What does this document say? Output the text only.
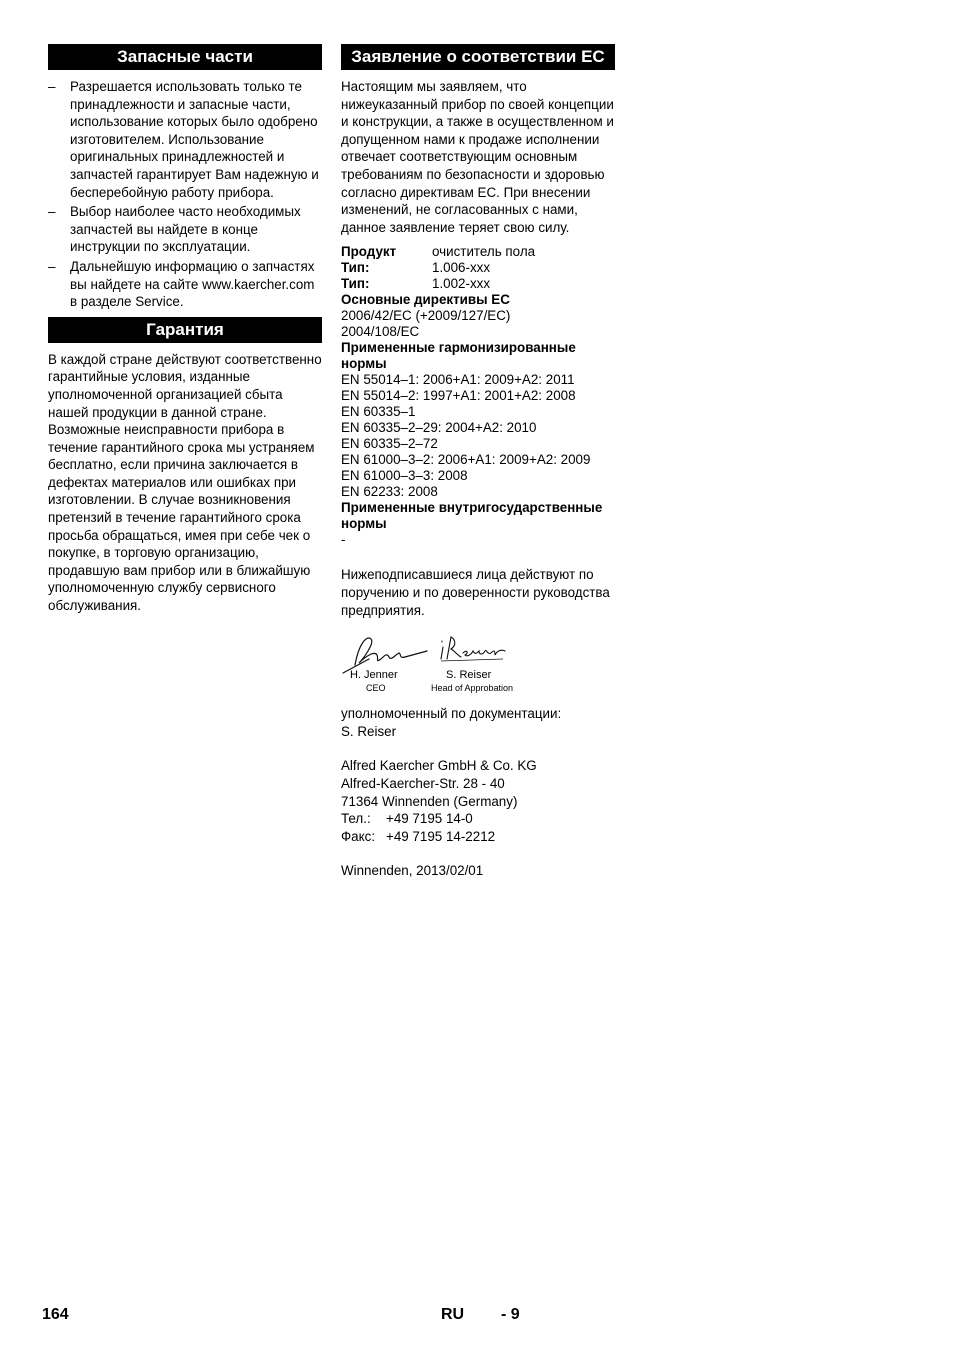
Запасные части
– Разрешается использовать только те принадлежности и запасные части, использование которых было одобрено изготовителем. Использование оригинальных принадлежностей и запчастей гарантирует Вам надежную и бесперебойную работу прибора.
– Выбор наиболее часто необходимых запчастей вы найдете в конце инструкции по эксплуатации.
– Дальнейшую информацию о запчастях вы найдете на сайте www.kaercher.com в разделе Service.
Гарантия

В каждой стране действуют соответственно гарантийные условия, изданные уполномоченной организацией сбыта нашей продукции в данной стране. Возможные неисправности прибора в течение гарантийного срока мы устраняем бесплатно, если причина заключается в дефектах материалов или ошибках при изготовлении. В случае возникновения претензий в течение гарантийного срока просьба обращаться, имея при себе чек о покупке, в торговую организацию, продавшую вам прибор или в ближайшую уполномоченную службу сервисного обслуживания.

Заявление о соответствии ЕС

Настоящим мы заявляем, что нижеуказанный прибор по своей концепции и конструкции, а также в осуществленном и допущенном нами к продаже исполнении отвечает соответствующим основным требованиям по безопасности и здоровью согласно директивам ЕС. При внесении изменений, не согласованных с нами, данное заявление теряет свою силу.

Продукт	очиститель пола
Тип:	1.006-xxx
Тип:	1.002-xxx
Основные директивы ЕС
2006/42/EC (+2009/127/EC)
2004/108/EC
Примененные гармонизированные нормы
EN 55014–1: 2006+A1: 2009+A2: 2011
EN 55014–2: 1997+A1: 2001+A2: 2008
EN 60335–1
EN 60335–2–29: 2004+A2: 2010
EN 60335–2–72
EN 61000–3–2: 2006+A1: 2009+A2: 2009
EN 61000–3–3: 2008
EN 62233: 2008
Примененные внутригосударственные нормы
-

Нижеподписавшиеся лица действуют по поручению и по доверенности руководства предприятия.

H. Jenner
CEO
S. Reiser
Head of Approbation
уполномоченный по документации:
S. Reiser
Alfred Kaercher GmbH & Co. KG
Alfred-Kaercher-Str. 28 - 40
71364 Winnenden (Germany)
Тел.:	+49 7195 14-0
Факс: +49 7195 14-2212
Winnenden, 2013/02/01
164	RU - 9
